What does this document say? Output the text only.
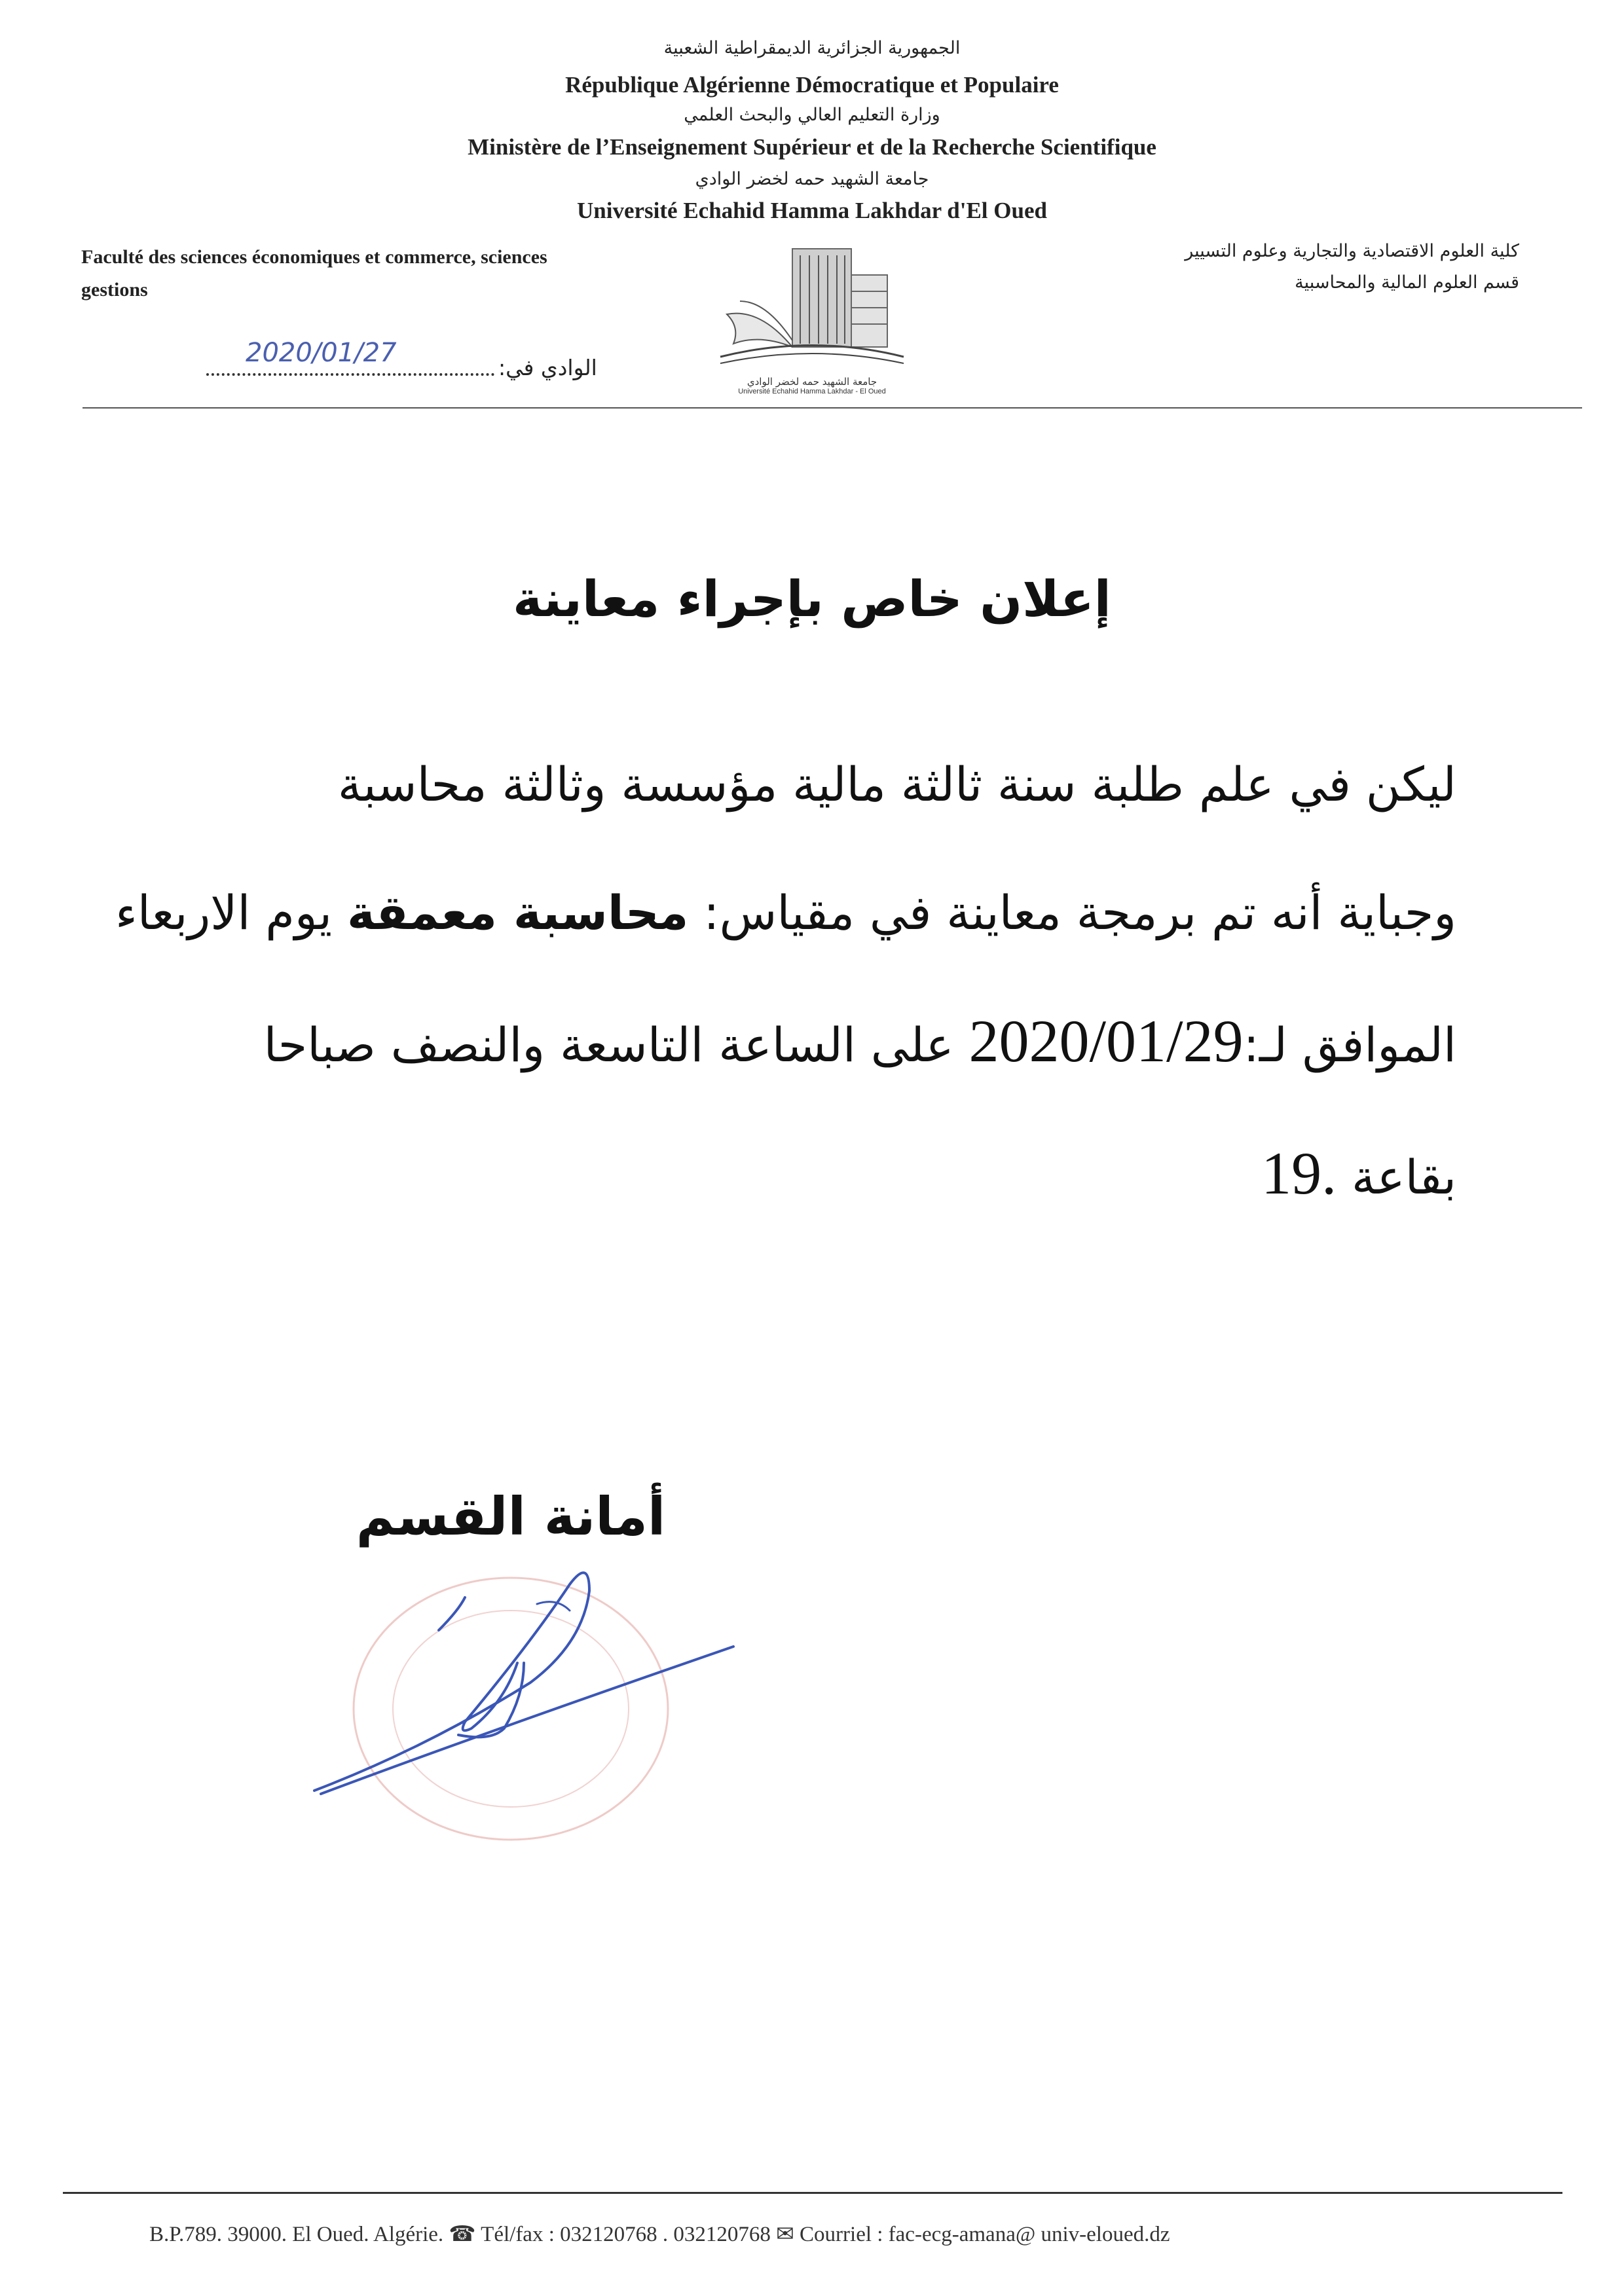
الجمهورية الجزائرية الديمقراطية الشعبية
République Algérienne Démocratique et Populaire
وزارة التعليم العالي والبحث العلمي
Ministère de l’Enseignement Supérieur et de la Recherche Scientifique
جامعة الشهيد حمه لخضر الوادي
Université Echahid Hamma Lakhdar d'El Oued
Faculté des sciences économiques et commerce, sciences
gestions
كلية العلوم الاقتصادية والتجارية وعلوم التسيير
قسم العلوم المالية والمحاسبية
جامعة الشهيد حمه لخضر الوادي
Université Echahid Hamma Lakhdar - El Oued
الوادي في:
2020/01/27
إعلان خاص بإجراء معاينة
ليكن في علم طلبة سنة ثالثة مالية مؤسسة وثالثة محاسبة
وجباية أنه تم برمجة معاينة في مقياس: محاسبة معمقة يوم الاربعاء
الموافق لـ:2020/01/29 على الساعة التاسعة والنصف صباحا
بقاعة 19.
أمانة القسم
B.P.789. 39000. El Oued. Algérie. ☎ Tél/fax : 032120768 . 032120768 ✉ Courriel : fac-ecg-amana@ univ-eloued.dz
